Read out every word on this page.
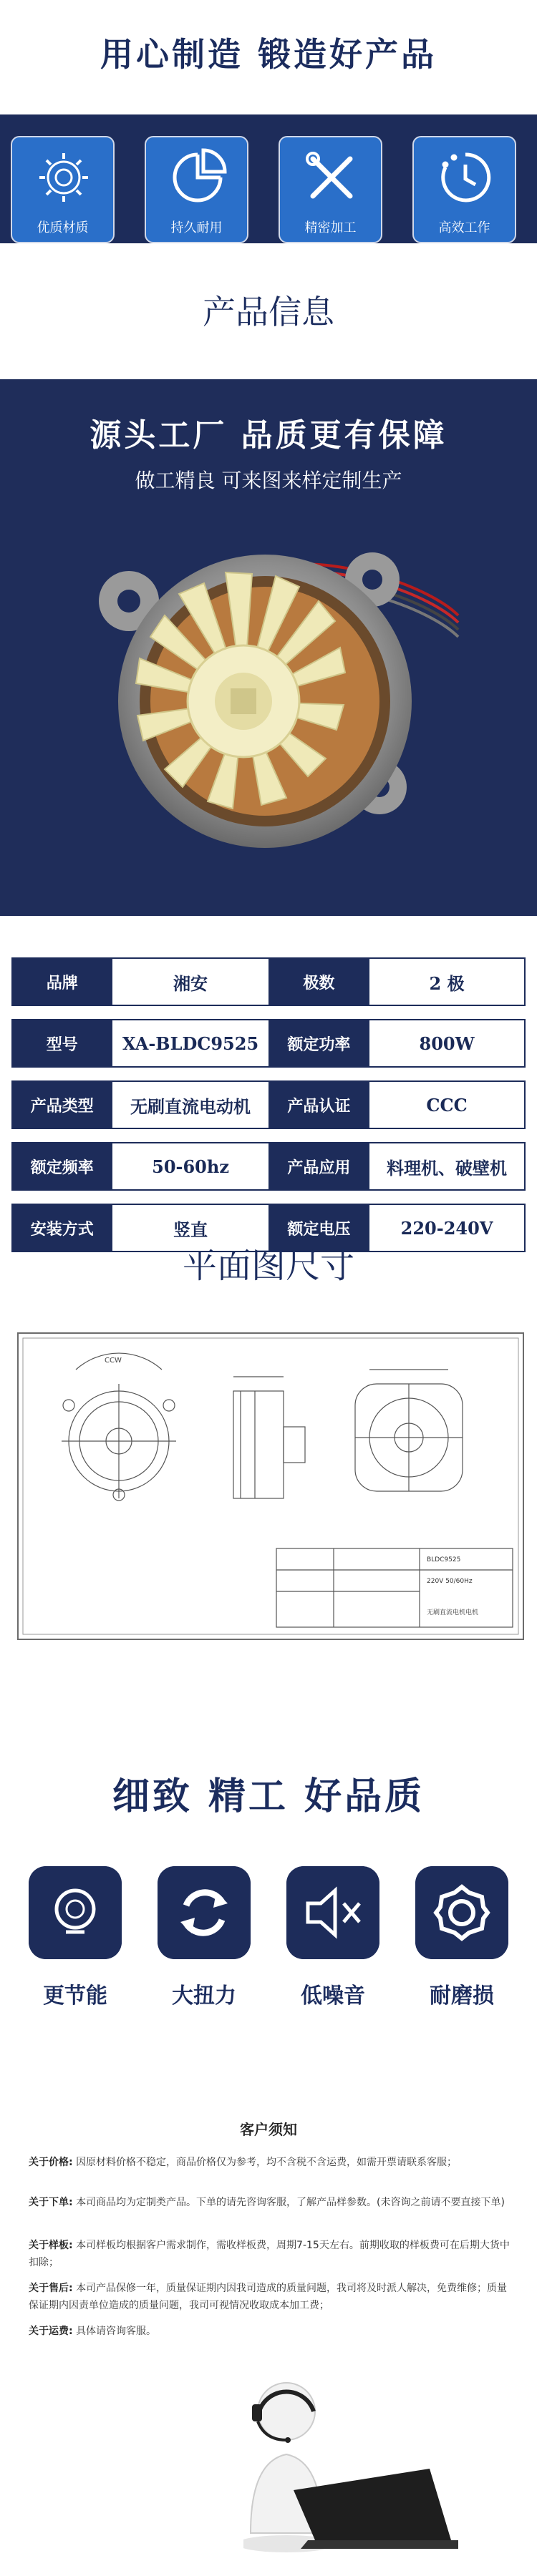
用心制造 锻造好产品
优质材质	持久耐用	精密加工	高效工作
产品信息
源头工厂 品质更有保障
做工精良 可来图来样定制生产
品牌	湘安	极数	2 极

型号	XA-BLDC9525	额定功率	800W

产品类型	无刷直流电动机	产品认证	CCC

额定频率	50-60hz	产品应用	料理机、破壁机

安装方式	竖直	额定电压	220-240V
平面图尺寸
CCW
BLDC9525
220V 50/60Hz
无刷直流电机电机
细致 精工 好品质
更节能	大扭力	低噪音	耐磨损
客户须知
关于价格: 因原材料价格不稳定，商品价格仅为参考，均不含税不含运费，如需开票请联系客服；
关于下单: 本司商品均为定制类产品。下单的请先咨询客服，了解产品样参数。(未咨询之前请不要直接下单)
关于样板: 本司样板均根据客户需求制作，需收样板费，周期7-15天左右。前期收取的样板费可在后期大货中扣除；
关于售后: 本司产品保修一年，质量保证期内因我司造成的质量问题，我司将及时派人解决，免费维修；质量保证期内因责单位造成的质量问题，我司可视情况收取成本加工费；
关于运费: 具体请咨询客服。
